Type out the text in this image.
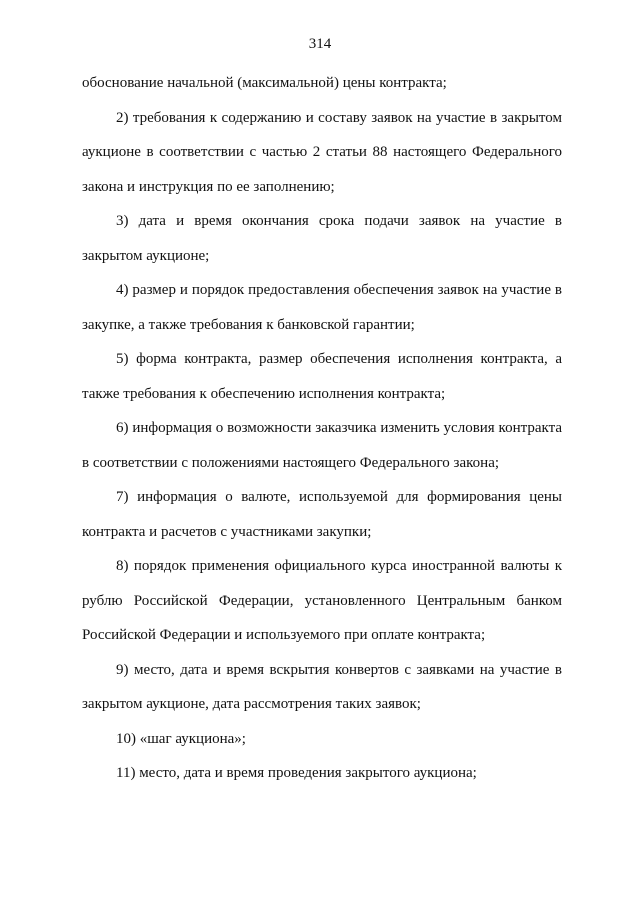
314

обоснование начальной (максимальной) цены контракта;

2) требования к содержанию и составу заявок на участие в закрытом аукционе в соответствии с частью 2 статьи 88 настоящего Федерального закона и инструкция по ее заполнению;

3) дата и время окончания срока подачи заявок на участие в закрытом аукционе;

4) размер и порядок предоставления обеспечения заявок на участие в закупке, а также требования к банковской гарантии;

5) форма контракта, размер обеспечения исполнения контракта, а также требования к обеспечению исполнения контракта;

6) информация о возможности заказчика изменить условия контракта в соответствии с положениями настоящего Федерального закона;

7) информация о валюте, используемой для формирования цены контракта и расчетов с участниками закупки;

8) порядок применения официального курса иностранной валюты к рублю Российской Федерации, установленного Центральным банком Российской Федерации и используемого при оплате контракта;

9) место, дата и время вскрытия конвертов с заявками на участие в закрытом аукционе, дата рассмотрения таких заявок;

10) «шаг аукциона»;

11) место, дата и время проведения закрытого аукциона;
